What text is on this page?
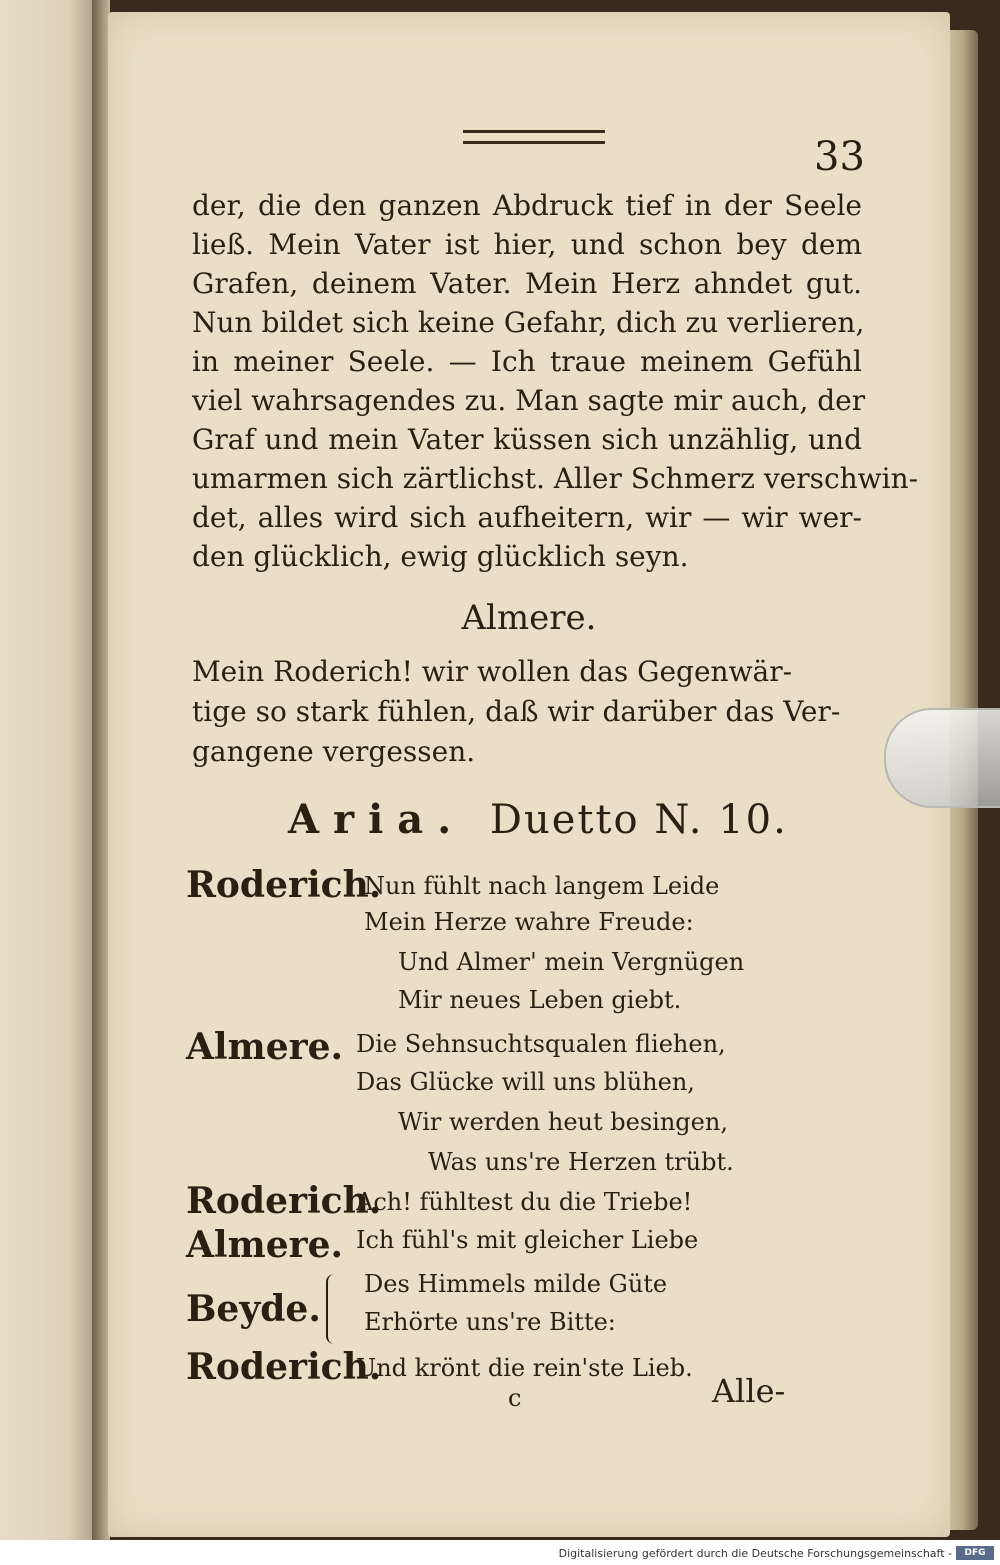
33
der, die den ganzen Abdruck tief in der Seele
ließ. Mein Vater ist hier, und schon bey dem
Grafen, deinem Vater. Mein Herz ahndet gut.
Nun bildet sich keine Gefahr, dich zu verlieren,
in meiner Seele. — Ich traue meinem Gefühl
viel wahrsagendes zu. Man sagte mir auch, der
Graf und mein Vater küssen sich unzählig, und
umarmen sich zärtlichst. Aller Schmerz verschwin-
det, alles wird sich aufheitern, wir — wir wer-
den glücklich, ewig glücklich seyn.
Almere.
Mein Roderich! wir wollen das Gegenwär-
tige so stark fühlen, daß wir darüber das Ver-
gangene vergessen.
Aria. Duetto N. 10.
Roderich.
Nun fühlt nach langem Leide
Mein Herze wahre Freude:
Und Almer' mein Vergnügen
Mir neues Leben giebt.
Almere. Die Sehnsuchtsqualen fliehen,
Das Glücke will uns blühen,
Wir werden heut besingen,
Was uns're Herzen trübt.
Roderich.
Ach! fühltest du die Triebe!
Almere. Ich fühl's mit gleicher Liebe
Beyde.
Des Himmels milde Güte
Erhörte uns're Bitte:
Roderich.
Und krönt die rein'ste Lieb.
c	Alle-
Digitalisierung gefördert durch die Deutsche Forschungsgemeinschaft -	DFG
